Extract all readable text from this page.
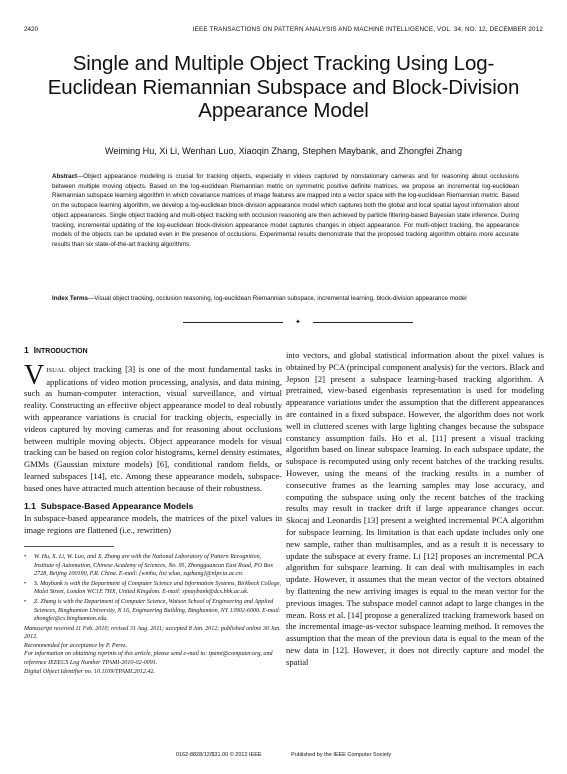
2420	IEEE TRANSACTIONS ON PATTERN ANALYSIS AND MACHINE INTELLIGENCE, VOL. 34, NO. 12, DECEMBER 2012
Single and Multiple Object Tracking Using Log-Euclidean Riemannian Subspace and Block-Division Appearance Model
Weiming Hu, Xi Li, Wenhan Luo, Xiaoqin Zhang, Stephen Maybank, and Zhongfei Zhang
Abstract—Object appearance modeling is crucial for tracking objects, especially in videos captured by nonstationary cameras and for reasoning about occlusions between multiple moving objects. Based on the log-euclidean Riemannian metric on symmetric positive definite matrices, we propose an incremental log-euclidean Riemannian subspace learning algorithm in which covariance matrices of image features are mapped into a vector space with the log-euclidean Riemannian metric. Based on the subspace learning algorithm, we develop a log-euclidean block-division appearance model which captures both the global and local spatial layout information about object appearances. Single object tracking and multi-object tracking with occlusion reasoning are then achieved by particle filtering-based Bayesian state inference. During tracking, incremental updating of the log-euclidean block-division appearance model captures changes in object appearance. For multi-object tracking, the appearance models of the objects can be updated even in the presence of occlusions. Experimental results demonstrate that the proposed tracking algorithm obtains more accurate results than six state-of-the-art tracking algorithms.
Index Terms—Visual object tracking, occlusion reasoning, log-euclidean Riemannian subspace, incremental learning, block-division appearance model
✦
1 INTRODUCTION

VISUAL object tracking [3] is one of the most fundamental tasks in applications of video motion processing, analysis, and data mining, such as human-computer interaction, visual surveillance, and virtual reality. Constructing an effective object appearance model to deal robustly with appearance variations is crucial for tracking objects, especially in videos captured by moving cameras and for reasoning about occlusions between multiple moving objects. Object appearance models for visual tracking can be based on region color histograms, kernel density estimates, GMMs (Gaussian mixture models) [6], conditional random fields, or learned subspaces [14], etc. Among these appearance models, subspace-based ones have attracted much attention because of their robustness.

1.1 Subspace-Based Appearance Models

In subspace-based appearance models, the matrices of the pixel values in image regions are flattened (i.e., rewritten)

• W. Hu, X. Li, W. Luo, and X. Zhang are with the National Laboratory of Pattern Recognition, Institute of Automation, Chinese Academy of Sciences, No. 95, Zhongguancun East Road, PO Box 2728, Beijing 100190, P.R. China. E-mail: {wmhu, lixi wluo, xqzhang}@nlpr.ia.ac.cn.
• S. Maybank is with the Department of Computer Science and Information Systems, Birkbeck College, Malet Street, London WC1E 7HX, United Kingdom. E-mail: sjmaybank@dcs.bbk.ac.uk.
• Z. Zhang is with the Department of Computer Science, Watson School of Engineering and Applied Sciences, Binghamton University, N 16, Engineering Building, Binghamton, NY 13902-6000. E-mail: zhongfei@cs.binghamton.edu.
Manuscript received 11 Feb. 2010; revised 31 Aug. 2011; accepted 8 Jan. 2012; published online 30 Jan. 2012.
Recommended for acceptance by P. Perez.
For information on obtaining reprints of this article, please send e-mail to: tpami@computer.org, and reference IEEECS Log Number TPAMI-2010-02-0091.
Digital Object Identifier no. 10.1109/TPAMI.2012.42.

into vectors, and global statistical information about the pixel values is obtained by PCA (principal component analysis) for the vectors. Black and Jepson [2] present a subspace learning-based tracking algorithm. A pretrained, view-based eigenbasis representation is used for modeling appearance variations under the assumption that the different appearances are contained in a fixed subspace. However, the algorithm does not work well in cluttered scenes with large lighting changes because the subspace constancy assumption fails. Ho et al. [11] present a visual tracking algorithm based on linear subspace learning. In each subspace update, the subspace is recomputed using only recent batches of the tracking results. However, using the means of the tracking results in a number of consecutive frames as the learning samples may lose accuracy, and computing the subspace using only the recent batches of the tracking results may result in tracker drift if large appearance changes occur. Skocaj and Leonardis [13] present a weighted incremental PCA algorithm for subspace learning. Its limitation is that each update includes only one new sample, rather than multisamples, and as a result it is necessary to update the subspace at every frame. Li [12] proposes an incremental PCA algorithm for subspace learning. It can deal with multisamples in each update. However, it assumes that the mean vector of the vectors obtained by flattening the new arriving images is equal to the mean vector for the previous images. The subspace model cannot adapt to large changes in the mean. Ross et al. [14] propose a generalized tracking framework based on the incremental image-as-vector subspace learning method. It removes the assumption that the mean of the previous data is equal to the mean of the new data in [12]. However, it does not directly capture and model the spatial

0162-8828/12/$31.00 © 2012 IEEE	Published by the IEEE Computer Society
